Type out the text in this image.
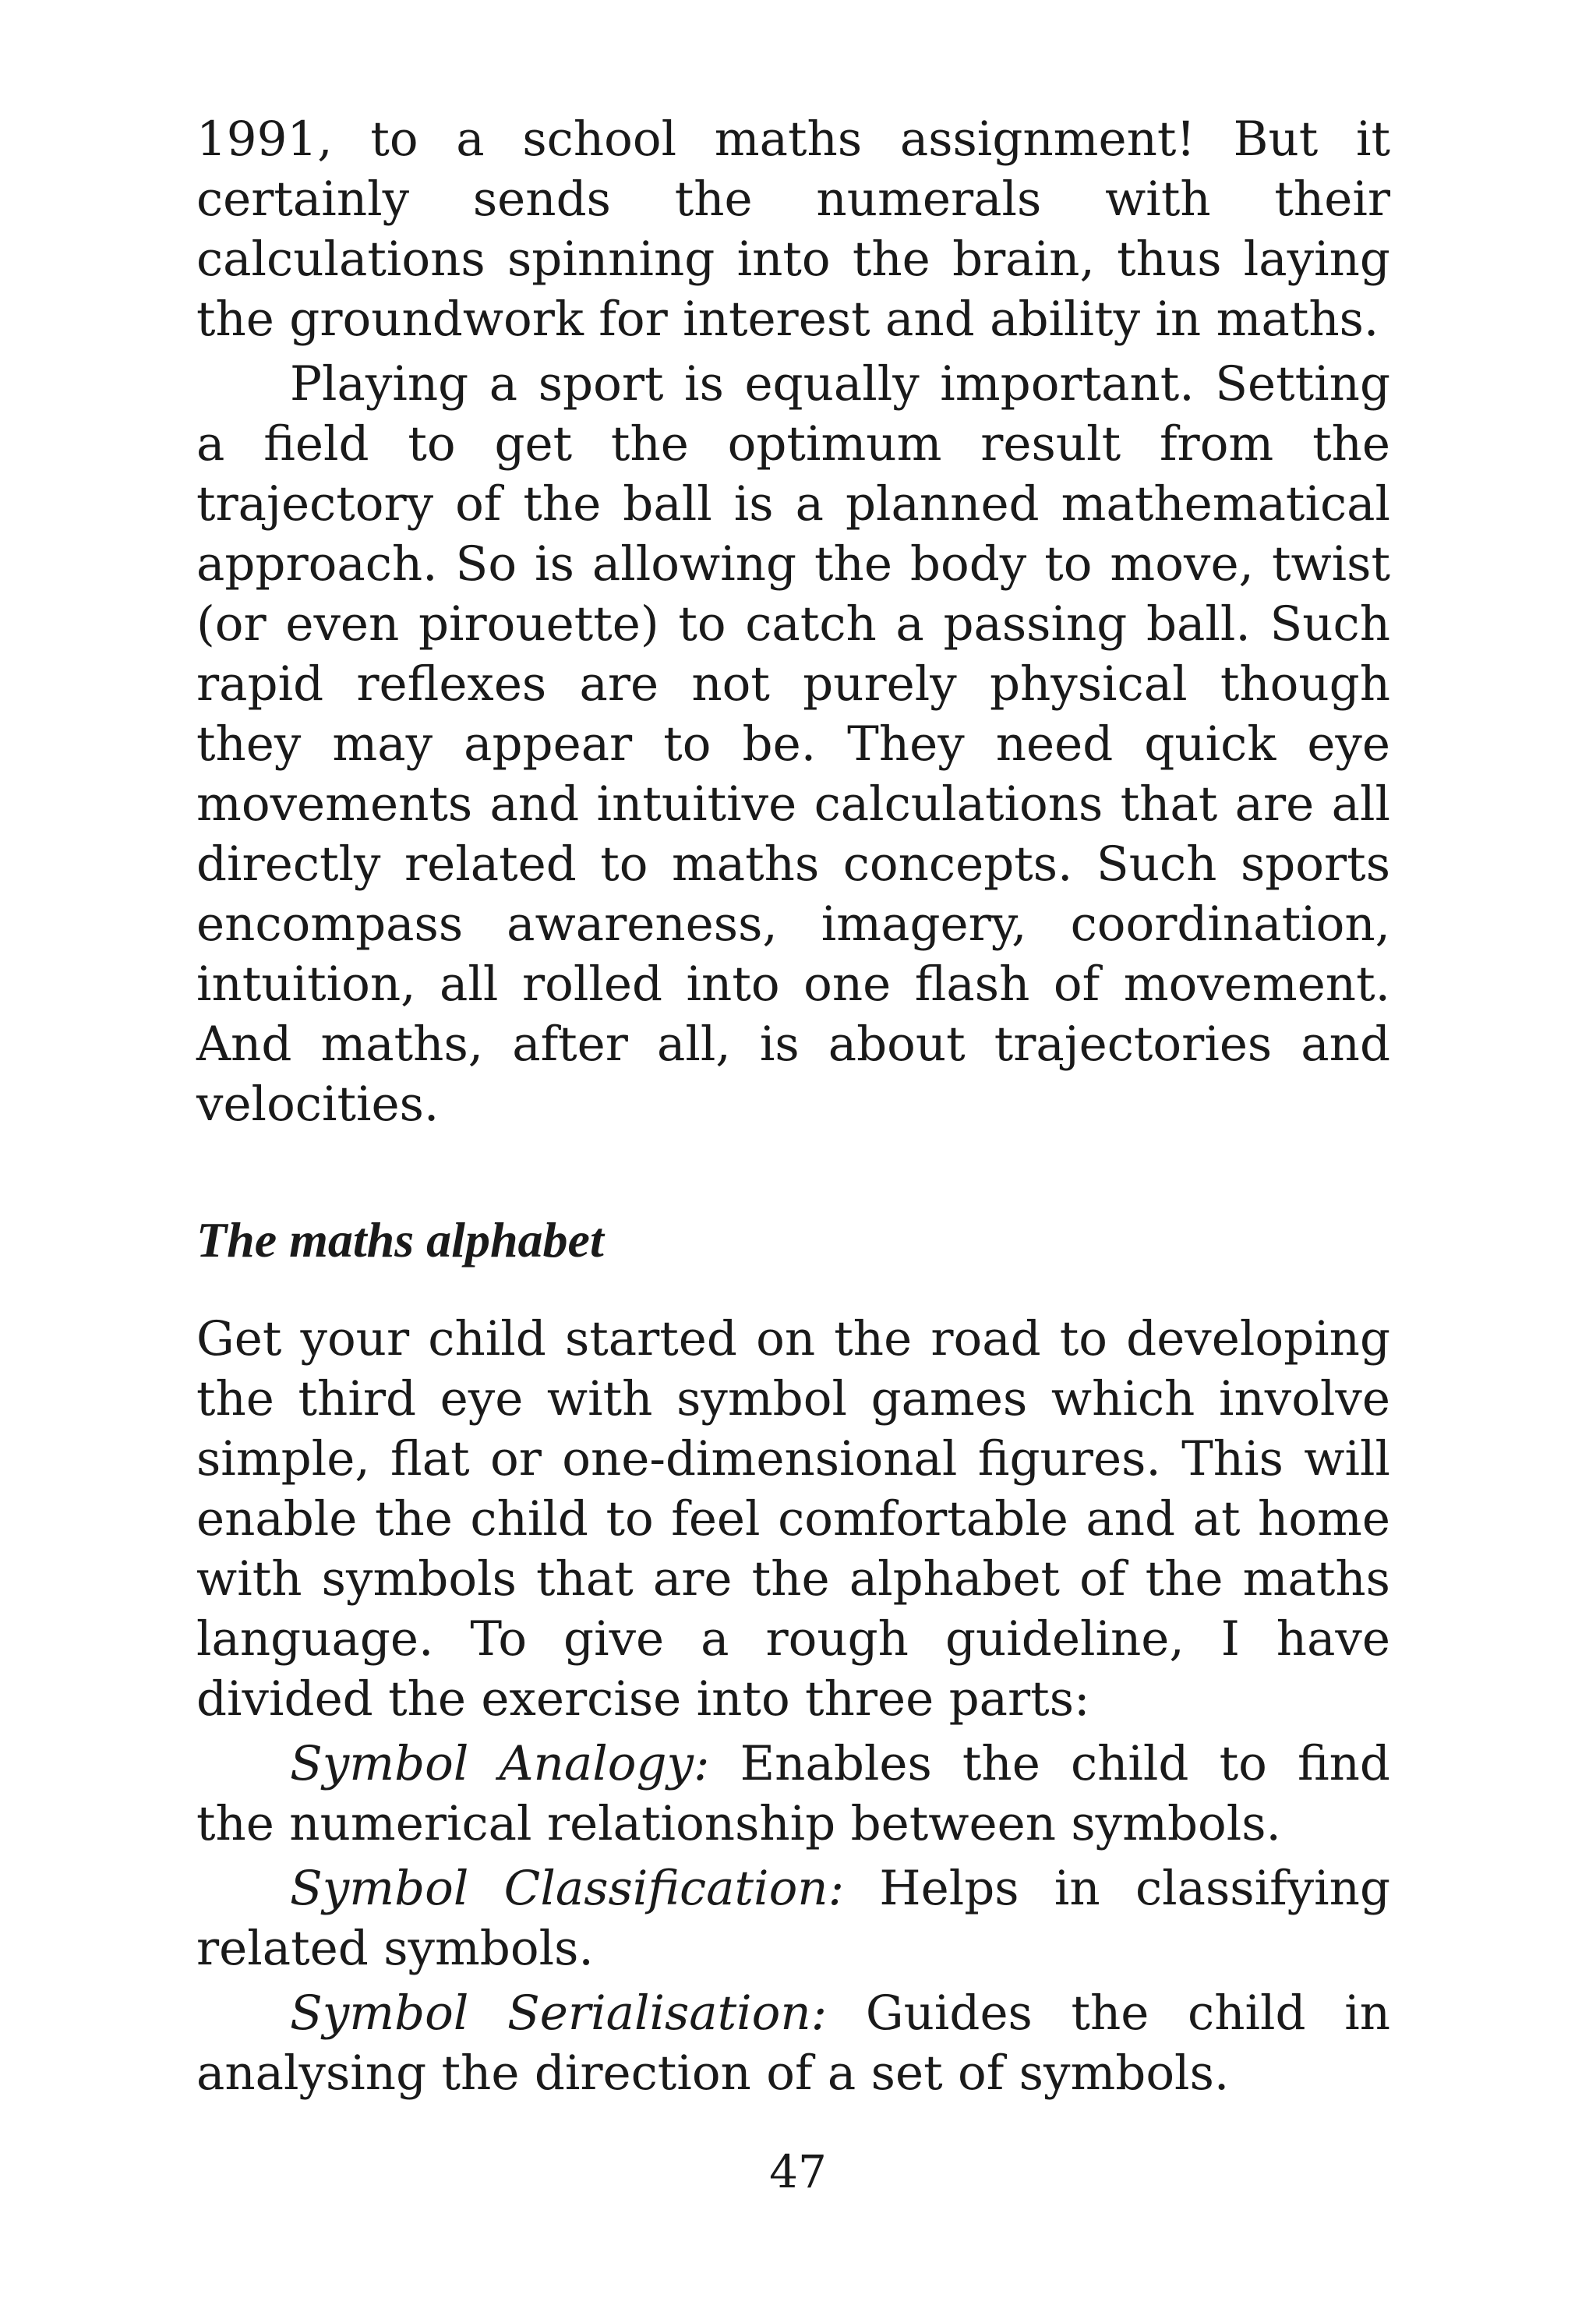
1991, to a school maths assignment! But it certainly sends the numerals with their calculations spinning into the brain, thus laying the groundwork for interest and ability in maths.

Playing a sport is equally important. Setting a field to get the optimum result from the trajectory of the ball is a planned mathematical approach. So is allowing the body to move, twist (or even pirouette) to catch a passing ball. Such rapid reflexes are not purely physical though they may appear to be. They need quick eye movements and intuitive calculations that are all directly related to maths concepts. Such sports encompass awareness, imagery, coordination, intuition, all rolled into one flash of movement. And maths, after all, is about trajectories and velocities.

The maths alphabet

Get your child started on the road to developing the third eye with symbol games which involve simple, flat or one-dimensional figures. This will enable the child to feel comfortable and at home with symbols that are the alphabet of the maths language. To give a rough guideline, I have divided the exercise into three parts:

Symbol Analogy: Enables the child to find the numerical relationship between symbols.

Symbol Classification: Helps in classifying related symbols.

Symbol Serialisation: Guides the child in analysing the direction of a set of symbols.

47
